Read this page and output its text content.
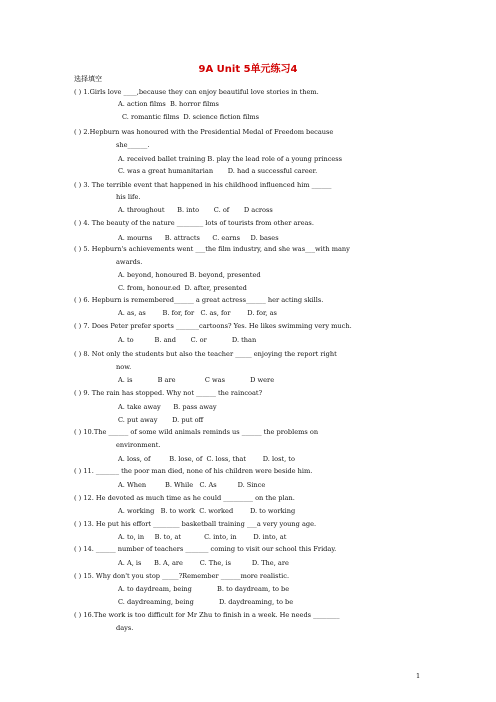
9A Unit 5单元练习4
选择填空
( ) 1.Girls love ____,because they can enjoy beautiful love stories in them.
A. action films  B. horror films
C. romantic films  D. science fiction films
( ) 2.Hepburn was honoured with the Presidential Medal of Freedom because
she______.
A. received ballet training B. play the lead role of a young princess
C. was a great humanitarian       D. had a successful career.
( ) 3. The terrible event that happened in his childhood influenced him ______
his life.
A. throughout      B. into       C. of       D across
( ) 4. The beauty of the nature ________ lots of tourists from other areas.
A. mourns      B. attracts      C. earns     D. bases
( ) 5. Hepburn's achievements went ___the film industry, and she was___with many
awards.
A. beyond, honoured B. beyond, presented
C. from, honour.ed  D. after, presented
( ) 6. Hepburn is remembered______ a great actress______ her acting skills.
A. as, as        B. for, for   C. as, for        D. for, as
( ) 7. Does Peter prefer sports _______cartoons? Yes. He likes swimming very much.
A. to          B. and       C. or            D. than
( ) 8. Not only the students but also the teacher _____ enjoying the report right
now.
A. is            B are              C was            D were
( ) 9. The rain has stopped. Why not ______ the raincoat?
A. take away      B. pass away
C. put away       D. put off
( ) 10.The ______ of some wild animals reminds us ______ the problems on
environment.
A. loss, of         B. lose, of  C. loss, that        D. lost, to
( ) 11. _______ the poor man died, none of his children were beside him.
A. When         B. While   C. As          D. Since
( ) 12. He devoted as much time as he could _________ on the plan.
A. working   B. to work  C. worked        D. to working
( ) 13. He put his effort ________ basketball training ___a very young age.
A. to, in     B. to, at           C. into, in        D. into, at
( ) 14. ______ number of teachers _______ coming to visit our school this Friday.
A. A, is      B. A, are        C. The, is          D. The, are
( ) 15. Why don't you stop _____?Remember ______more realistic.
A. to daydream, being            B. to daydream, to be
C. daydreaming, being            D. daydreaming, to be
( ) 16.The work is too difficult for Mr Zhu to finish in a week. He needs ________
days.
1
